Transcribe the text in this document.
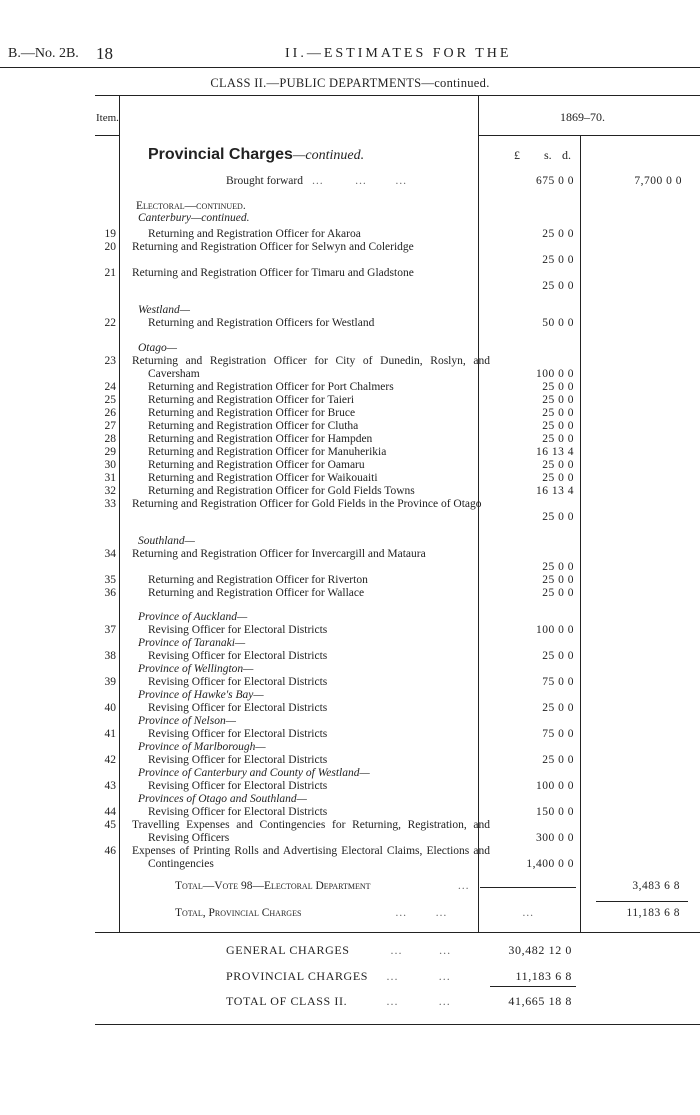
B.—No. 2B. 18	II.—ESTIMATES FOR THE
CLASS II.—PUBLIC DEPARTMENTS—continued.
Item.	1869–70.
Provincial Charges—continued.	£ s. d.
Brought forward   …           …          …	675 0 0	7,700 0 0
Electoral—continued.
Canterbury—continued.
19	Returning and Registration Officer for Akaroa	25 0 0
20 Returning and Registration Officer for Selwyn and Coleridge
25 0 0
21 Returning and Registration Officer for Timaru and Gladstone
25 0 0
Westland—
22	Returning and Registration Officers for Westland	50 0 0
Otago—
23 Returning and Registration Officer for City of Dunedin, Roslyn, and Caversham	100 0 0
24	Returning and Registration Officer for Port Chalmers	25 0 0
25	Returning and Registration Officer for Taieri	25 0 0
26	Returning and Registration Officer for Bruce	25 0 0
27	Returning and Registration Officer for Clutha	25 0 0
28	Returning and Registration Officer for Hampden	25 0 0
29	Returning and Registration Officer for Manuherikia	16 13 4
30	Returning and Registration Officer for Oamaru	25 0 0
31	Returning and Registration Officer for Waikouaiti	25 0 0
32	Returning and Registration Officer for Gold Fields Towns	16 13 4
33 Returning and Registration Officer for Gold Fields in the Province of Otago
25 0 0
Southland—
34 Returning and Registration Officer for Invercargill and Mataura
25 0 0
35	Returning and Registration Officer for Riverton	25 0 0
36	Returning and Registration Officer for Wallace	25 0 0
Province of Auckland—
37	Revising Officer for Electoral Districts	100 0 0
Province of Taranaki—
38	Revising Officer for Electoral Districts	25 0 0
Province of Wellington—
39	Revising Officer for Electoral Districts	75 0 0
Province of Hawke's Bay—
40	Revising Officer for Electoral Districts	25 0 0
Province of Nelson—
41	Revising Officer for Electoral Districts	75 0 0
Province of Marlborough—
42	Revising Officer for Electoral Districts	25 0 0
Province of Canterbury and County of Westland—
43	Revising Officer for Electoral Districts	100 0 0
Provinces of Otago and Southland—
44	Revising Officer for Electoral Districts	150 0 0
45 Travelling Expenses and Contingencies for Returning, Registration, and Revising Officers	300 0 0
46 Expenses of Printing Rolls and Advertising Electoral Claims, Elections and Contingencies	1,400 0 0
Total—Vote 98—Electoral Department	…	3,483 6 8
Total, Provincial Charges	…          …	…	11,183 6 8
GENERAL CHARGES	…          …	30,482 12 0
PROVINCIAL CHARGES …           …	11,183 6 8
TOTAL OF CLASS II.	…           …	41,665 18 8
